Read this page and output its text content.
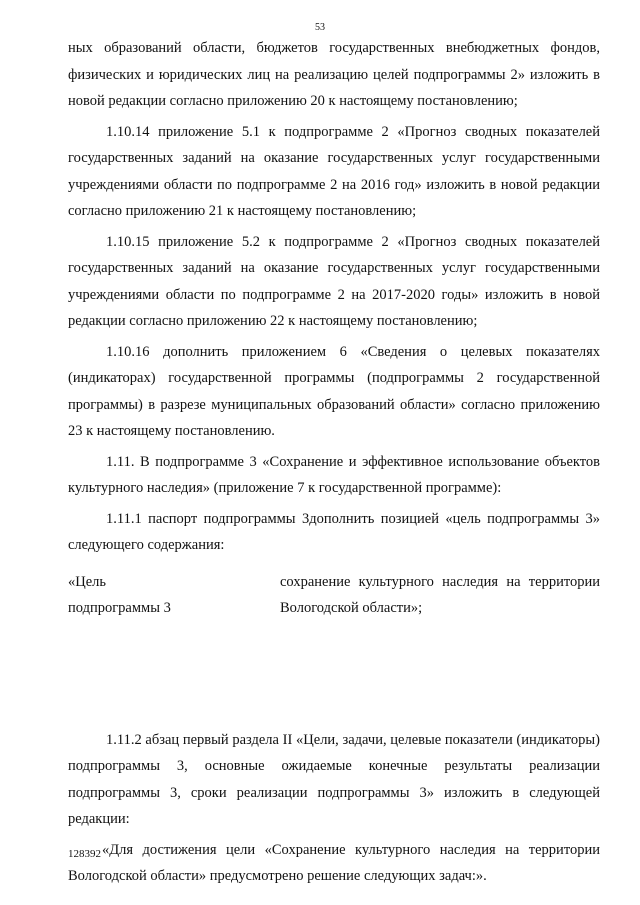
53

ных образований области, бюджетов государственных внебюджетных фондов, физических и юридических лиц на реализацию целей подпрограммы 2» изложить в новой редакции согласно приложению 20 к настоящему постановлению;

1.10.14 приложение 5.1 к подпрограмме 2 «Прогноз сводных показателей государственных заданий на оказание государственных услуг государственными учреждениями области по подпрограмме 2 на 2016 год» изложить в новой редакции согласно приложению 21 к настоящему постановлению;

1.10.15 приложение 5.2 к подпрограмме 2 «Прогноз сводных показателей государственных заданий на оказание государственных услуг государственными учреждениями области по подпрограмме 2 на 2017-2020 годы» изложить в новой редакции согласно приложению 22 к настоящему постановлению;

1.10.16 дополнить приложением 6 «Сведения о целевых показателях (индикаторах) государственной программы (подпрограммы 2 государственной программы) в разрезе муниципальных образований области» согласно приложению 23 к настоящему постановлению.

1.11. В подпрограмме 3 «Сохранение и эффективное использование объектов культурного наследия» (приложение 7 к государственной программе):

1.11.1 паспорт подпрограммы 3дополнить позицией «цель подпрограммы 3» следующего содержания:

«Цель
подпрограммы 3
сохранение культурного наследия на территории Вологодской области»;

1.11.2 абзац первый раздела II «Цели, задачи, целевые показатели (индикаторы) подпрограммы 3, основные ожидаемые конечные результаты реализации подпрограммы 3, сроки реализации подпрограммы 3» изложить в следующей редакции:

«Для достижения цели «Сохранение культурного наследия на территории Вологодской области» предусмотрено решение следующих задач:».

128392
